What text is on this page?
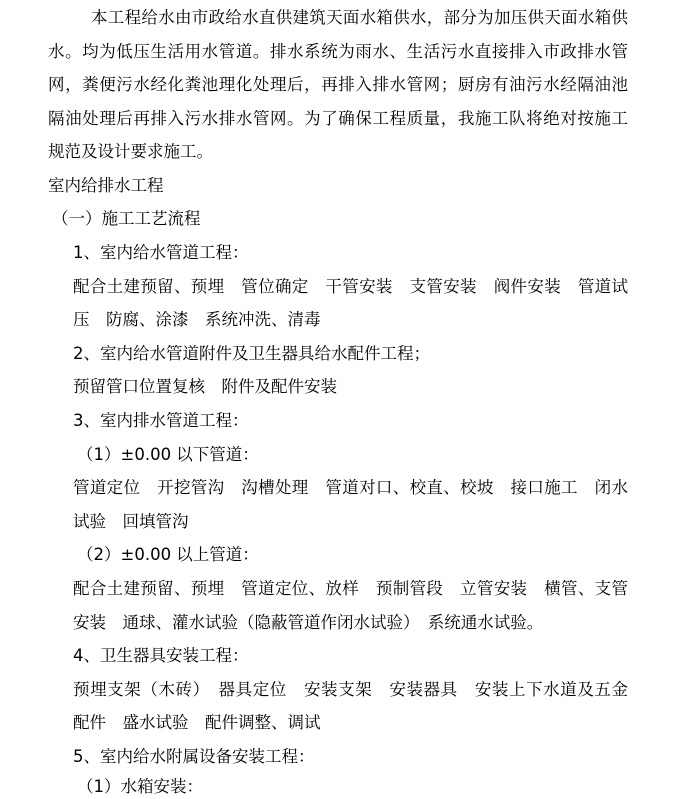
本工程给水由市政给水直供建筑天面水箱供水，部分为加压供天面水箱供
水。均为低压生活用水管道。排水系统为雨水、生活污水直接排入市政排水管
网，粪便污水经化粪池理化处理后，再排入排水管网；厨房有油污水经隔油池
隔油处理后再排入污水排水管网。为了确保工程质量，我施工队将绝对按施工
规范及设计要求施工。
室内给排水工程
（一）施工工艺流程
1、室内给水管道工程：
配合土建预留、预埋　管位确定　干管安装　支管安装　阀件安装　管道试
压　防腐、涂漆　系统冲洗、清毒
2、室内给水管道附件及卫生器具给水配件工程；
预留管口位置复核　附件及配件安装
3、室内排水管道工程：
（1）±0.00 以下管道：
管道定位　开挖管沟　沟槽处理　管道对口、校直、校坡　接口施工　闭水
试验　回填管沟
（2）±0.00 以上管道：
配合土建预留、预埋　管道定位、放样　预制管段　立管安装　横管、支管
安装　通球、灌水试验（隐蔽管道作闭水试验）　系统通水试验。
4、卫生器具安装工程：
预埋支架（木砖）　器具定位　安装支架　安装器具　安装上下水道及五金
配件　盛水试验　配件调整、调试
5、室内给水附属设备安装工程：
（1）水箱安装：
